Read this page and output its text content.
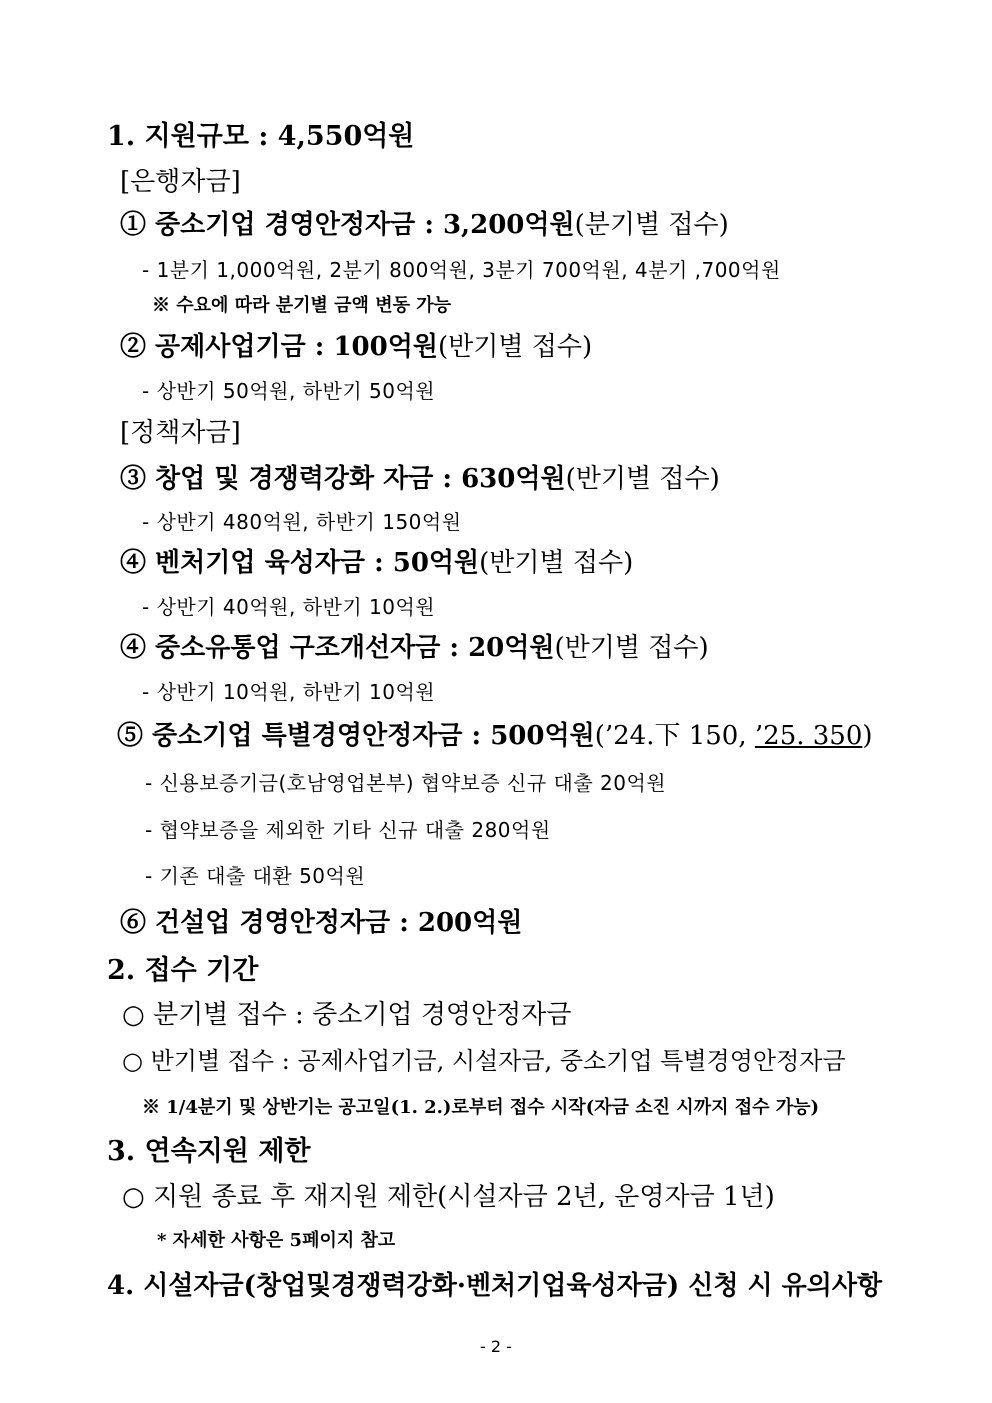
1. 지원규모 : 4,550억원
[은행자금]
① 중소기업 경영안정자금 : 3,200억원(분기별 접수)
- 1분기 1,000억원, 2분기 800억원, 3분기 700억원, 4분기 ,700억원
※ 수요에 따라 분기별 금액 변동 가능
② 공제사업기금 : 100억원(반기별 접수)
- 상반기 50억원, 하반기 50억원
[정책자금]
③ 창업 및 경쟁력강화 자금 : 630억원(반기별 접수)
- 상반기 480억원, 하반기 150억원
④ 벤처기업 육성자금 : 50억원(반기별 접수)
- 상반기 40억원, 하반기 10억원
④ 중소유통업 구조개선자금 : 20억원(반기별 접수)
- 상반기 10억원, 하반기 10억원
⑤ 중소기업 특별경영안정자금 : 500억원(’24.下 150, ’25. 350)
- 신용보증기금(호남영업본부) 협약보증 신규 대출 20억원
- 협약보증을 제외한 기타 신규 대출 280억원
- 기존 대출 대환 50억원
⑥ 건설업 경영안정자금 : 200억원
2. 접수 기간
○ 분기별 접수 : 중소기업 경영안정자금
○ 반기별 접수 : 공제사업기금, 시설자금, 중소기업 특별경영안정자금
※ 1/4분기 및 상반기는 공고일(1. 2.)로부터 접수 시작(자금 소진 시까지 접수 가능)
3. 연속지원 제한
○ 지원 종료 후 재지원 제한(시설자금 2년, 운영자금 1년)
* 자세한 사항은 5페이지 참고
4. 시설자금(창업및경쟁력강화·벤처기업육성자금) 신청 시 유의사항
- 2 -
